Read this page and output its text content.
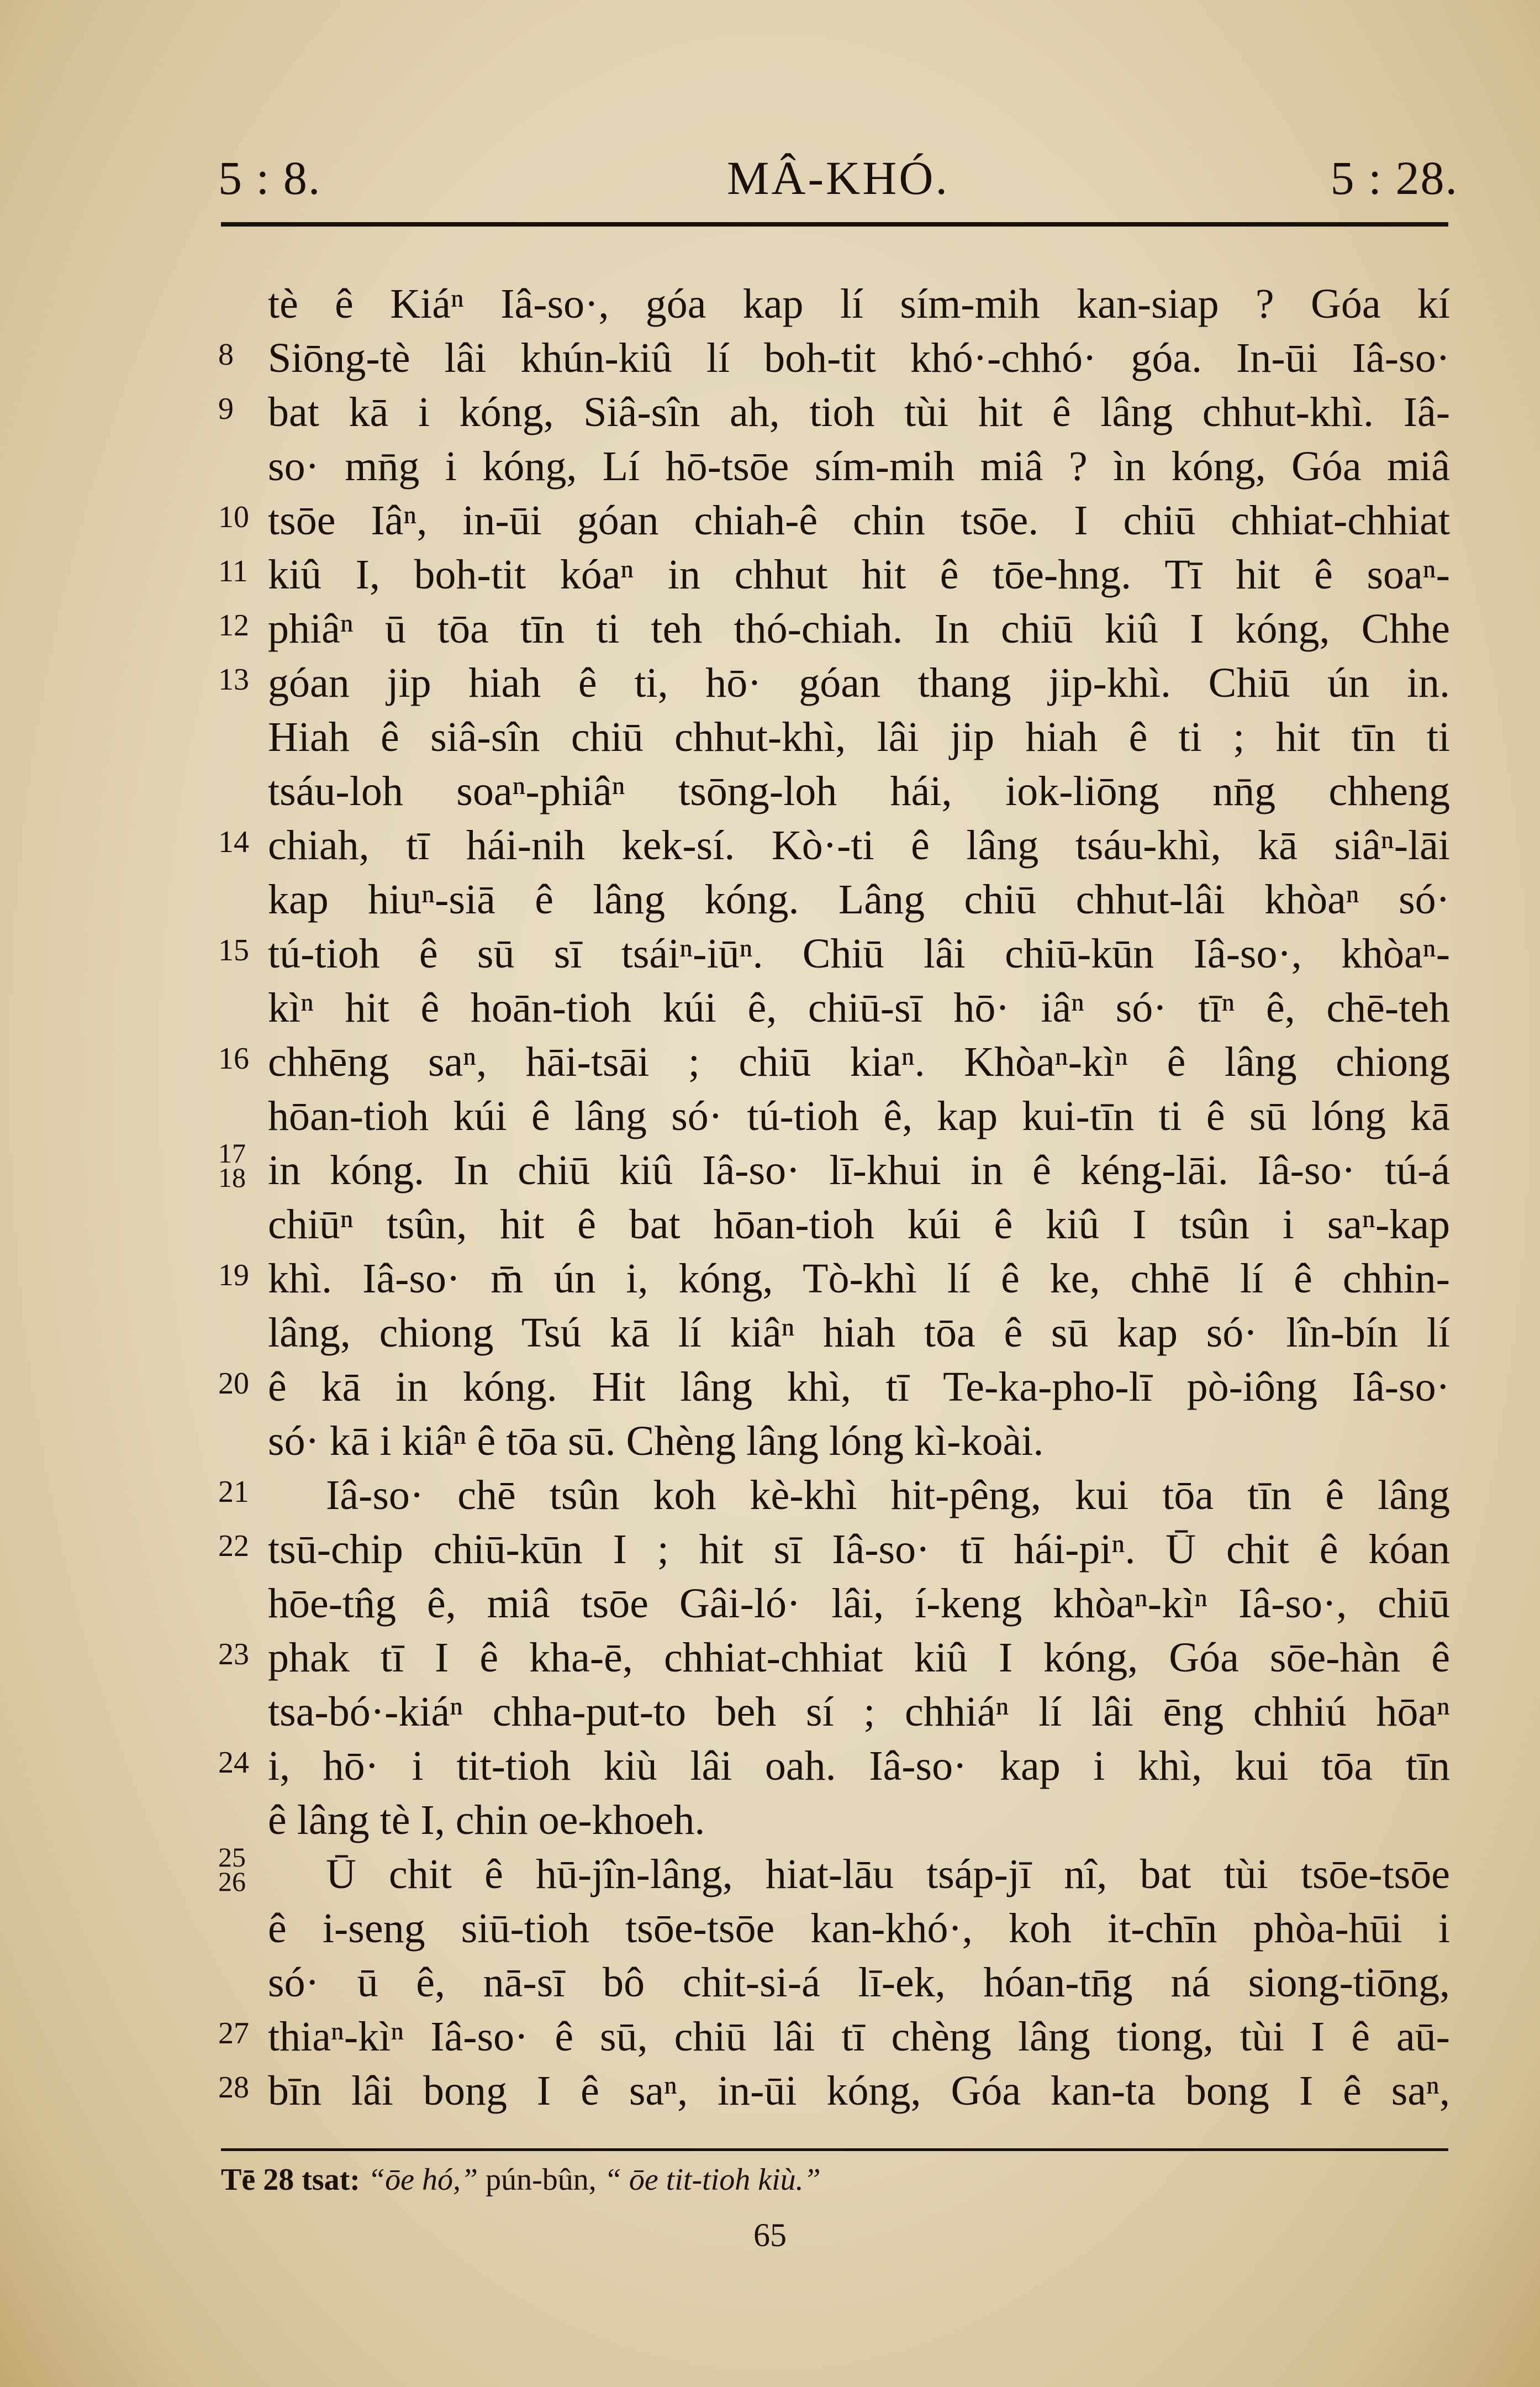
5 : 8.	MÂ-KHÓ.	5 : 28.
tè ê Kiáⁿ Iâ-so·, góa kap lí sím-mih kan-siap ? Góa kí
8 Siōng-tè lâi khún-kiû lí boh-tit khó·-chhó· góa. In-ūi Iâ-so·
9 bat kā i kóng, Siâ-sîn ah, tioh tùi hit ê lâng chhut-khì. Iâ-
so· mn̄g i kóng, Lí hō-tsōe sím-mih miâ ? ìn kóng, Góa miâ
10 tsōe Iâⁿ, in-ūi góan chiah-ê chin tsōe. I chiū chhiat-chhiat
11 kiû I, boh-tit kóaⁿ in chhut hit ê tōe-hng. Tī hit ê soaⁿ-
12 phiâⁿ ū tōa tīn ti teh thó-chiah. In chiū kiû I kóng, Chhe
13 góan jip hiah ê ti, hō· góan thang jip-khì. Chiū ún in.
Hiah ê siâ-sîn chiū chhut-khì, lâi jip hiah ê ti ; hit tīn ti
tsáu-loh soaⁿ-phiâⁿ tsōng-loh hái, iok-liōng nn̄g chheng
14 chiah, tī hái-nih kek-sí. Kò·-ti ê lâng tsáu-khì, kā siâⁿ-lāi
kap hiuⁿ-siā ê lâng kóng. Lâng chiū chhut-lâi khòaⁿ só·
15 tú-tioh ê sū sī tsáiⁿ-iūⁿ. Chiū lâi chiū-kūn Iâ-so·, khòaⁿ-
kìⁿ hit ê hoān-tioh kúi ê, chiū-sī hō· iâⁿ só· tīⁿ ê, chē-teh
16 chhēng saⁿ, hāi-tsāi ; chiū kiaⁿ. Khòaⁿ-kìⁿ ê lâng chiong
hōan-tioh kúi ê lâng só· tú-tioh ê, kap kui-tīn ti ê sū lóng kā
17
18 in kóng. In chiū kiû Iâ-so· lī-khui in ê kéng-lāi. Iâ-so· tú-á
chiūⁿ tsûn, hit ê bat hōan-tioh kúi ê kiû I tsûn i saⁿ-kap
19 khì. Iâ-so· m̄ ún i, kóng, Tò-khì lí ê ke, chhē lí ê chhin-
lâng, chiong Tsú kā lí kiâⁿ hiah tōa ê sū kap só· lîn-bín lí
20 ê kā in kóng. Hit lâng khì, tī Te-ka-pho-lī pò-iông Iâ-so·
só· kā i kiâⁿ ê tōa sū. Chèng lâng lóng kì-koài.
21	Iâ-so· chē tsûn koh kè-khì hit-pêng, kui tōa tīn ê lâng
22 tsū-chip chiū-kūn I ; hit sī Iâ-so· tī hái-piⁿ. Ū chit ê kóan
hōe-tn̂g ê, miâ tsōe Gâi-ló· lâi, í-keng khòaⁿ-kìⁿ Iâ-so·, chiū
23 phak tī I ê kha-ē, chhiat-chhiat kiû I kóng, Góa sōe-hàn ê
tsa-bó·-kiáⁿ chha-put-to beh sí ; chhiáⁿ lí lâi ēng chhiú hōaⁿ
24 i, hō· i tit-tioh kiù lâi oah. Iâ-so· kap i khì, kui tōa tīn
ê lâng tè I, chin oe-khoeh.
25
26	Ū chit ê hū-jîn-lâng, hiat-lāu tsáp-jī nî, bat tùi tsōe-tsōe
ê i-seng siū-tioh tsōe-tsōe kan-khó·, koh it-chīn phòa-hūi i
só· ū ê, nā-sī bô chit-si-á lī-ek, hóan-tn̄g ná siong-tiōng,
27 thiaⁿ-kìⁿ Iâ-so· ê sū, chiū lâi tī chèng lâng tiong, tùi I ê aū-
28 bīn lâi bong I ê saⁿ, in-ūi kóng, Góa kan-ta bong I ê saⁿ,
Tē 28 tsat: “ōe hó,” pún-bûn, “ ōe tit-tioh kiù.”
65
